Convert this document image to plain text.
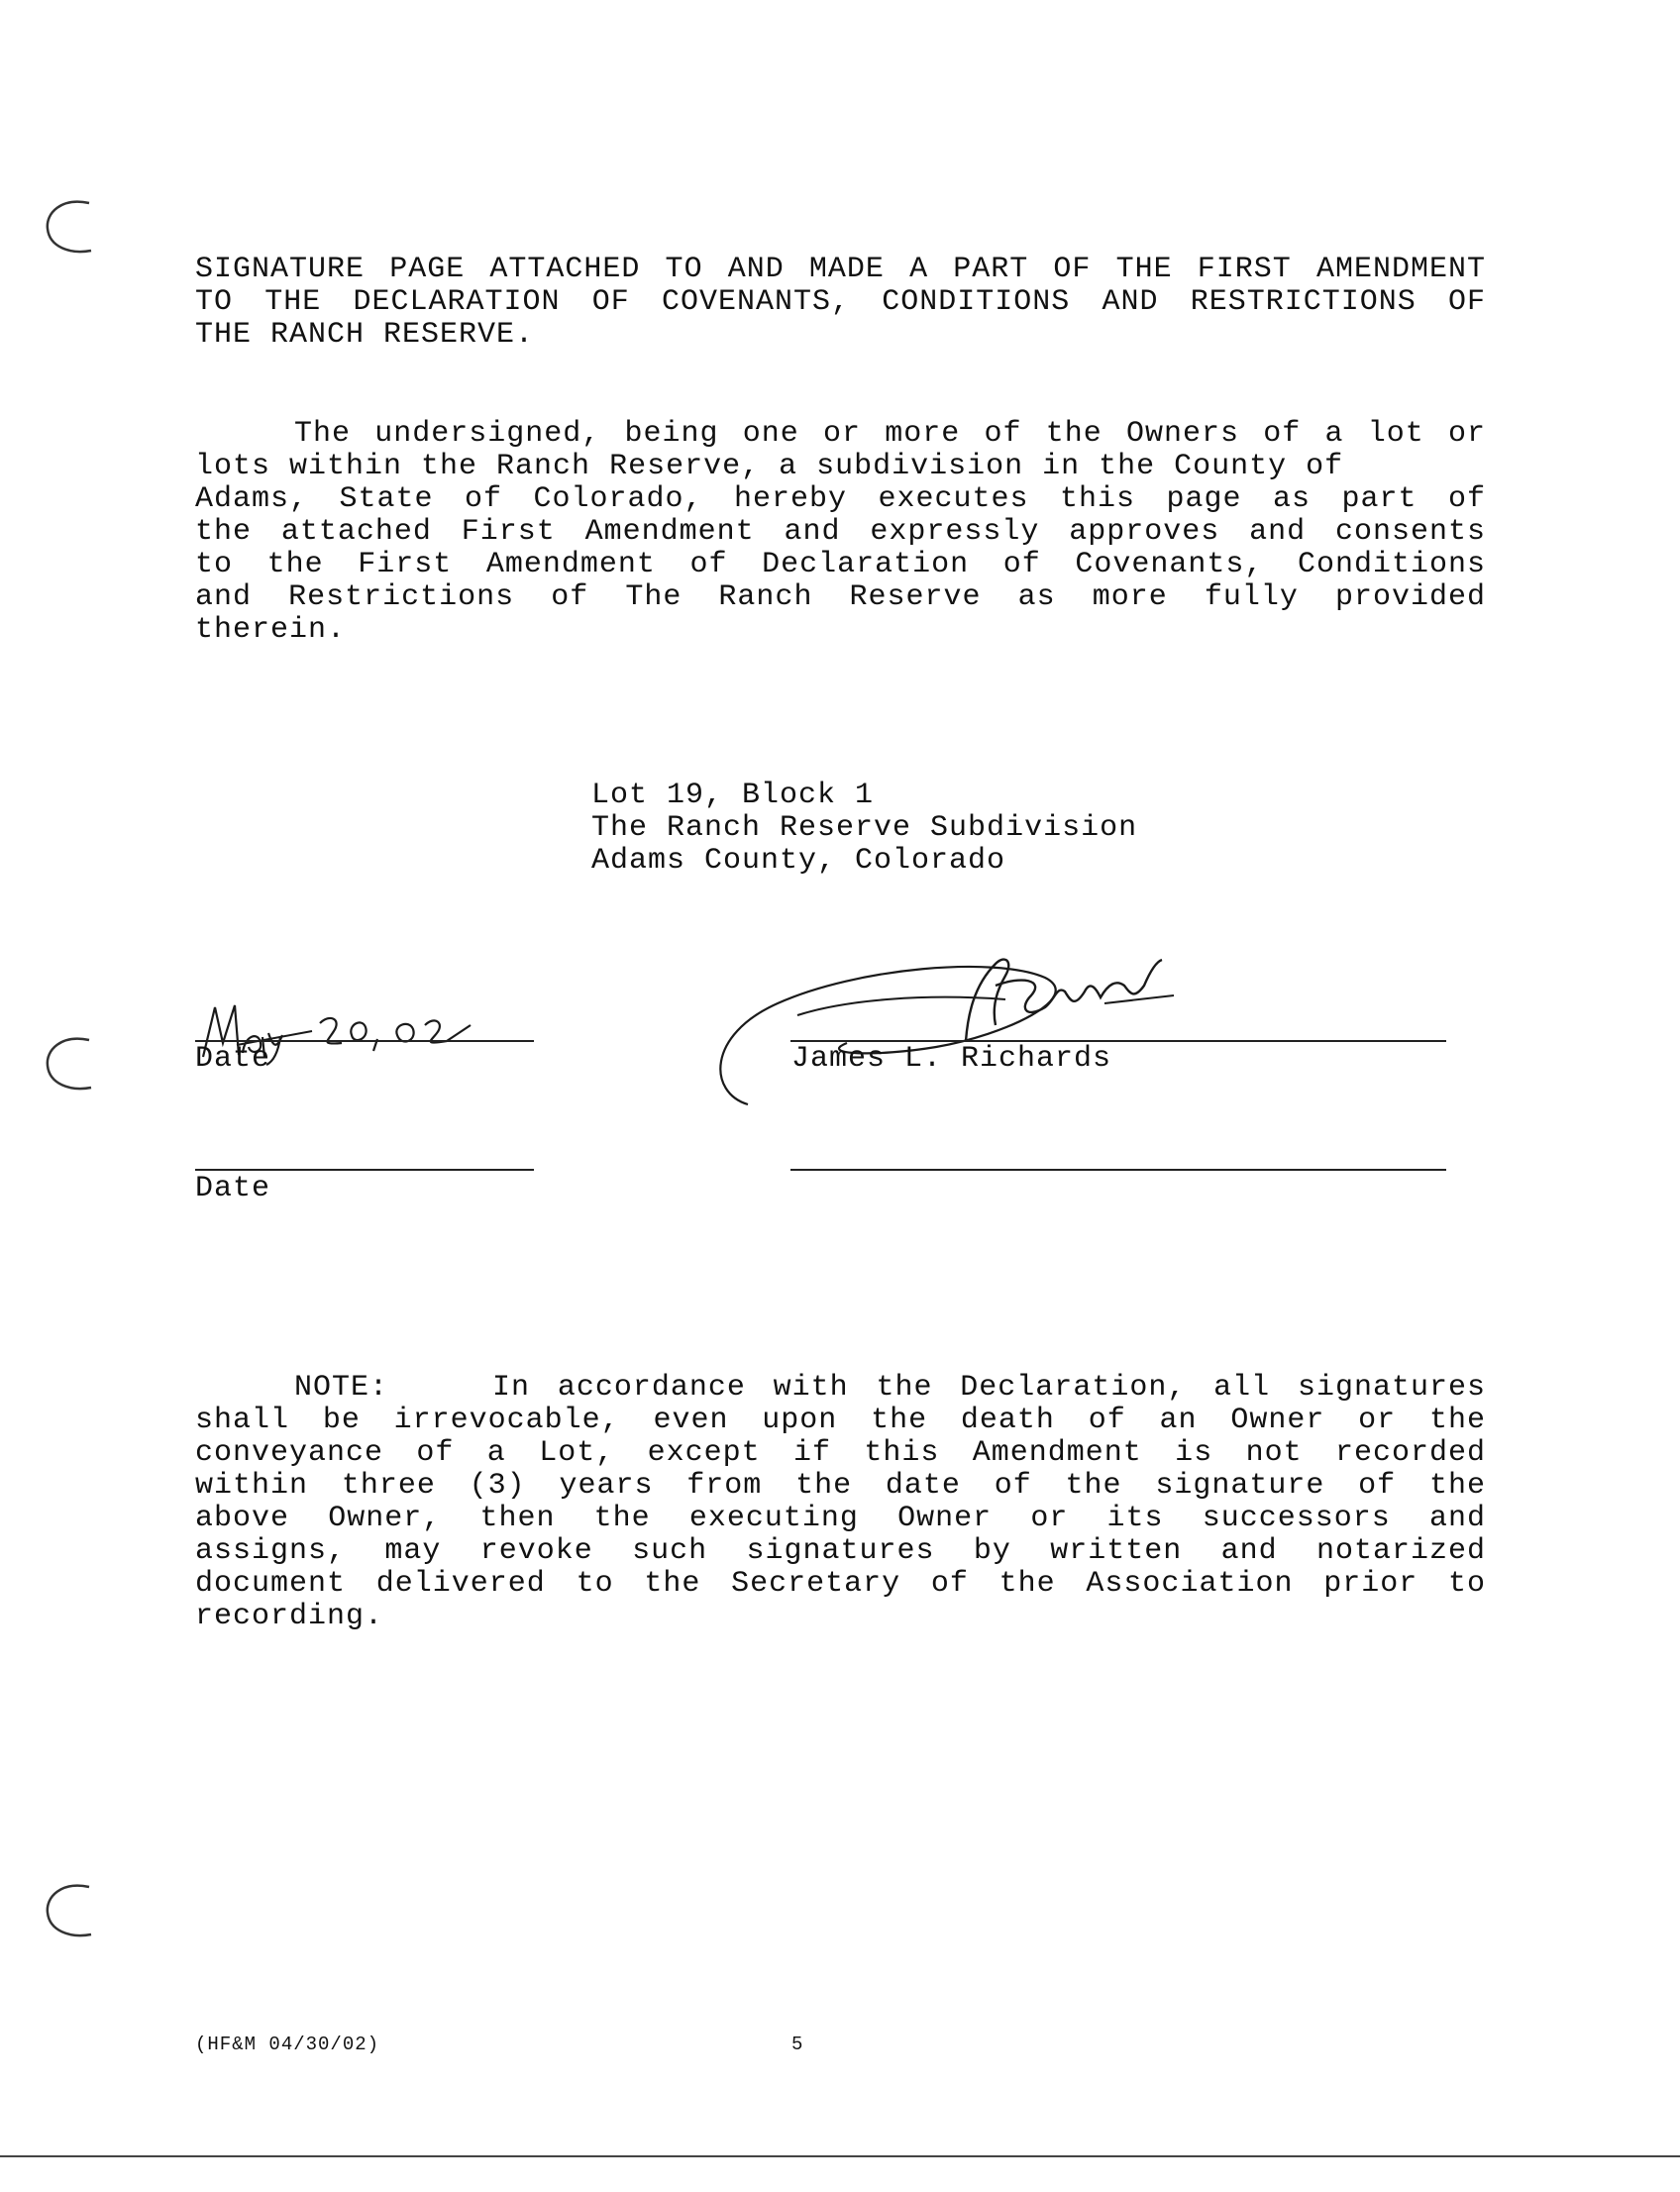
SIGNATURE PAGE ATTACHED TO AND MADE A PART OF THE FIRST AMENDMENT
TO THE DECLARATION OF COVENANTS, CONDITIONS AND RESTRICTIONS OF
THE RANCH RESERVE.
The undersigned, being one or more of the Owners of a lot or
lots within the Ranch Reserve, a subdivision in the County of
Adams, State of Colorado, hereby executes this page as part of
the attached First Amendment and expressly approves and consents
to the First Amendment of Declaration of Covenants, Conditions
and Restrictions of The Ranch Reserve as more fully provided
therein.
Lot 19, Block 1
The Ranch Reserve Subdivision
Adams County, Colorado
Date	James L. Richards
Date
NOTE:	In accordance with the Declaration, all signatures
shall be irrevocable, even upon the death of an Owner or the
conveyance of a Lot, except if this Amendment is not recorded
within three (3) years from the date of the signature of the
above Owner, then the executing Owner or its successors and
assigns, may revoke such signatures by written and notarized
document delivered to the Secretary of the Association prior to
recording.
(HF&M 04/30/02)	5
